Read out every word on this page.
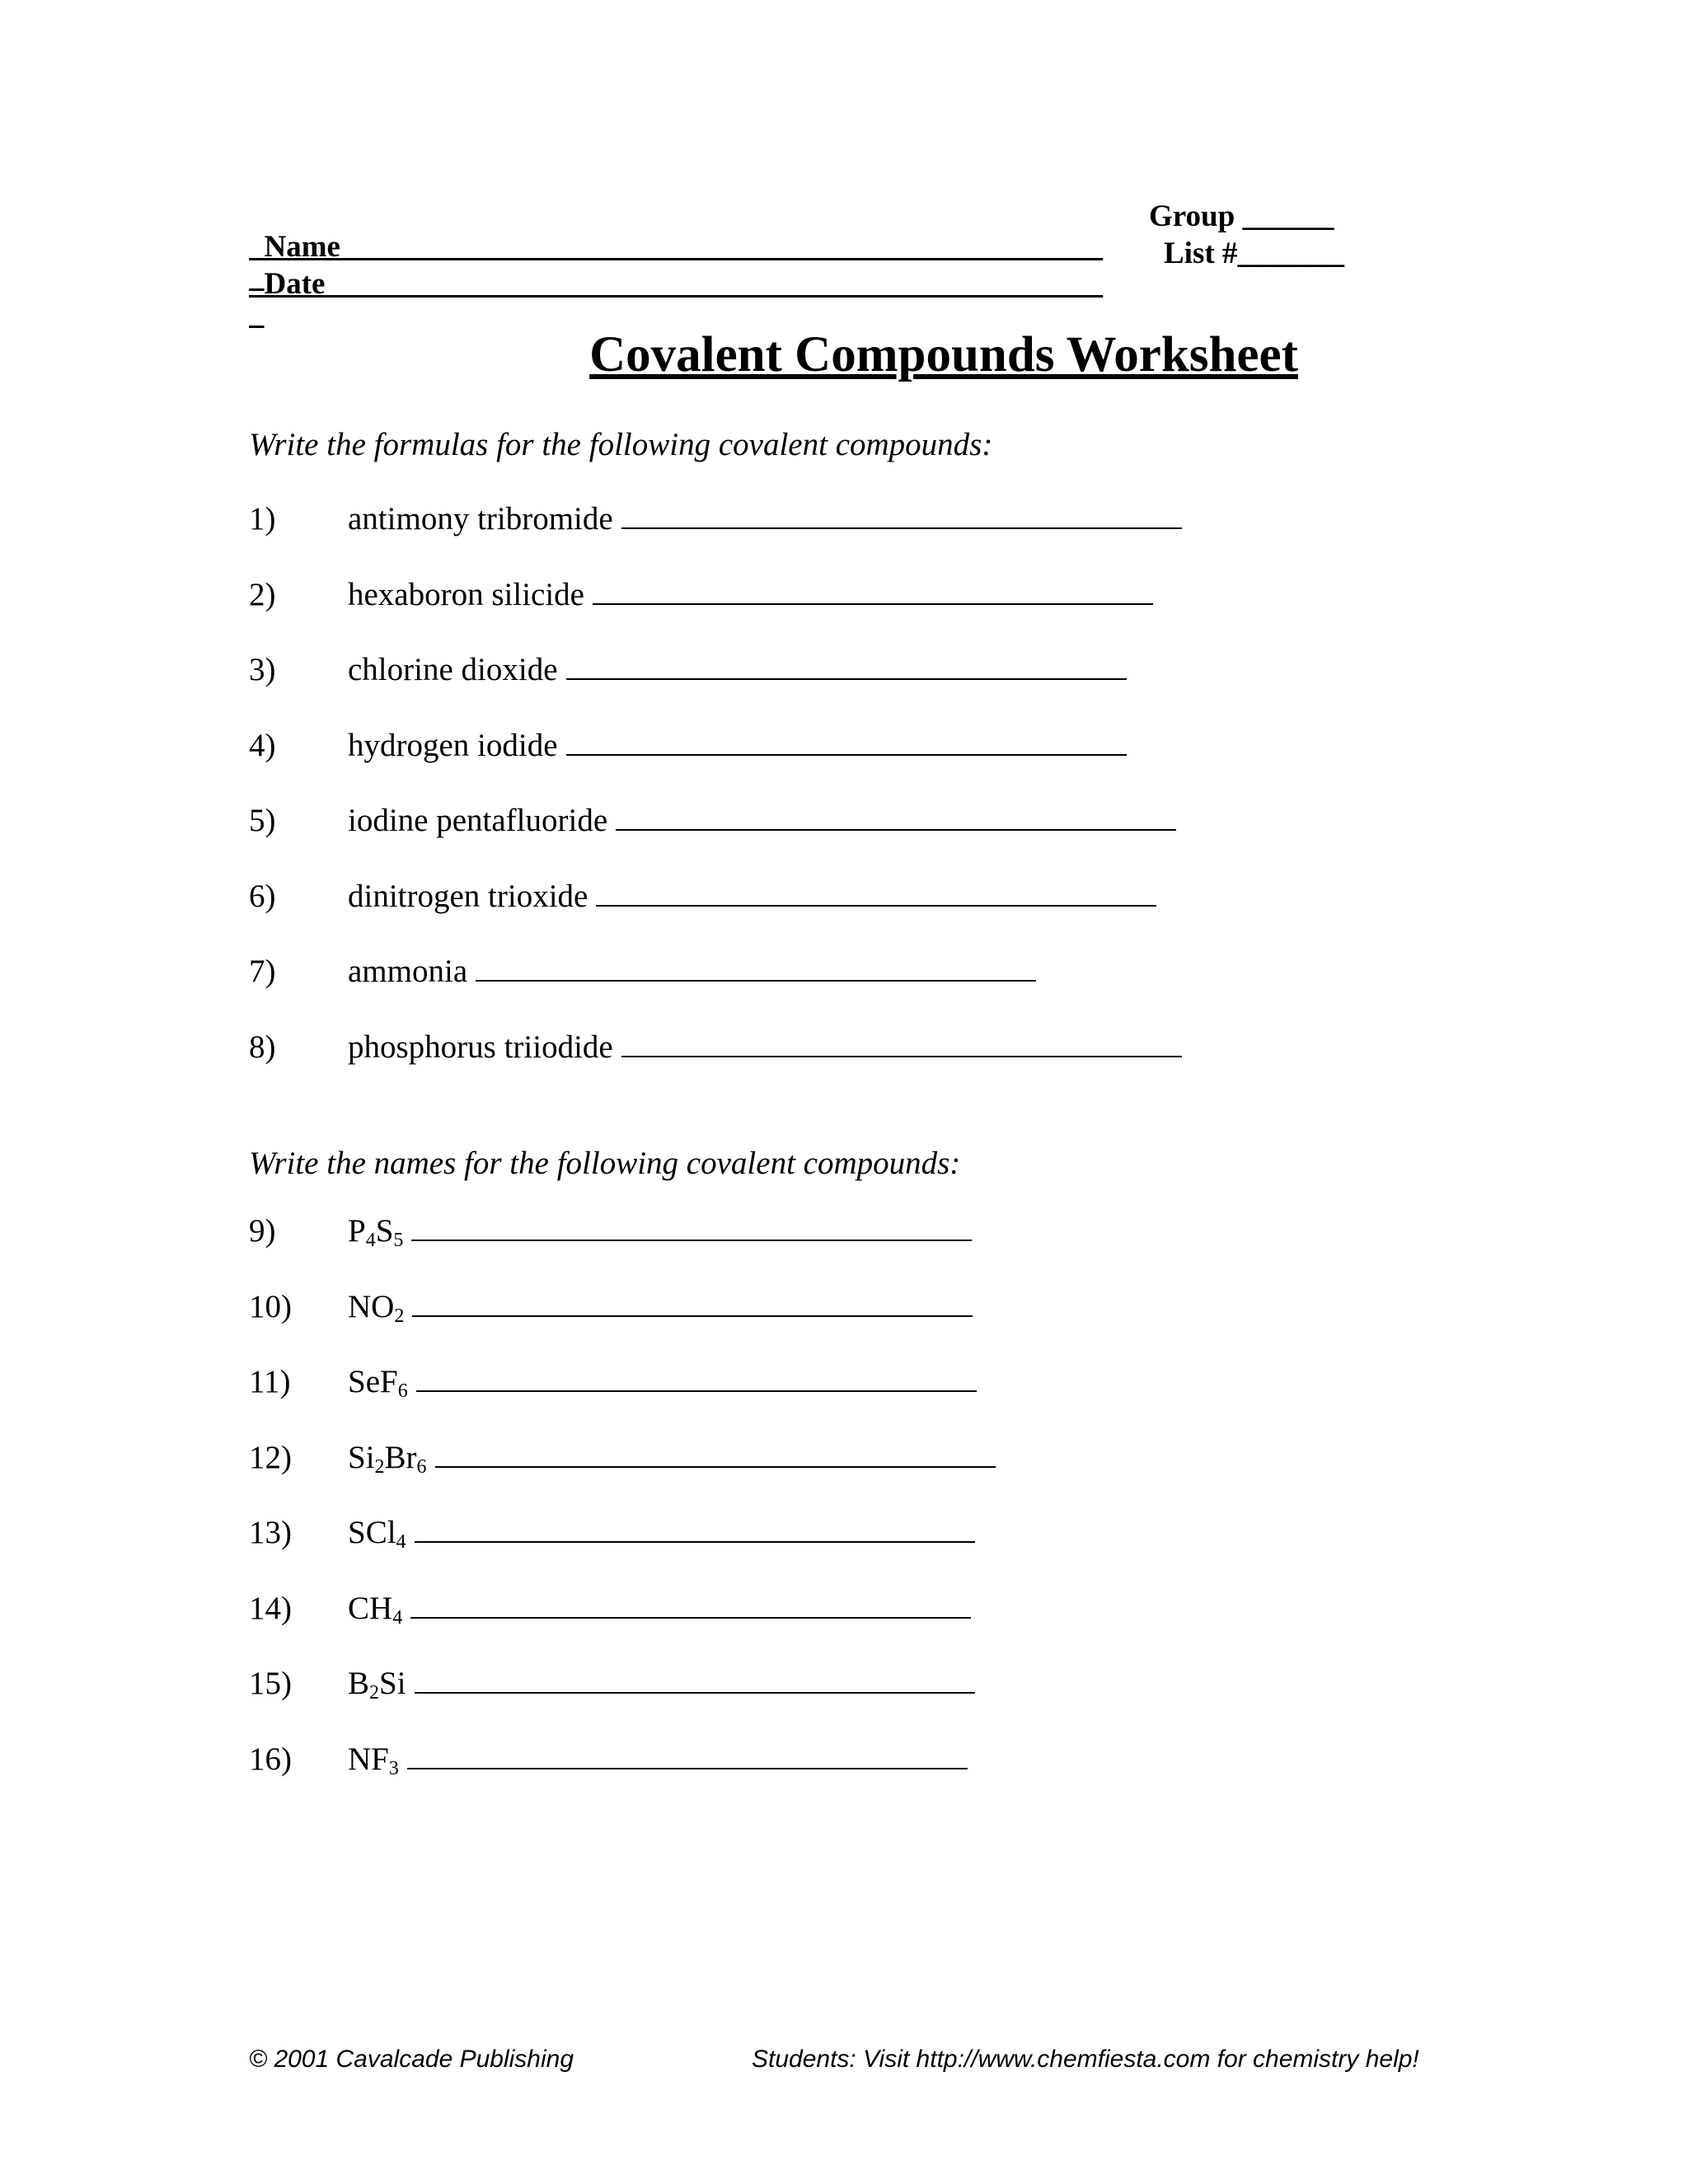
Name__________________________________________________

Group ______

Date___________________________________________________

List #_______

Covalent Compounds Worksheet
Write the formulas for the following covalent compounds:
1) antimony tribromide
2) hexaboron silicide
3) chlorine dioxide
4) hydrogen iodide
5) iodine pentafluoride
6) dinitrogen trioxide
7) ammonia
8) phosphorus triiodide
Write the names for the following covalent compounds:
9) $P_4S_5$
10) $NO_2$
11) SeF$_6$
12) $Si_2Br_6$
13) SCl$_4$
14) $CH_4$
15) $B_2Si$
16) $NF_3$
© 2001 Cavalcade Publishing	Students: Visit http://www.chemfiesta.com for chemistry help!
